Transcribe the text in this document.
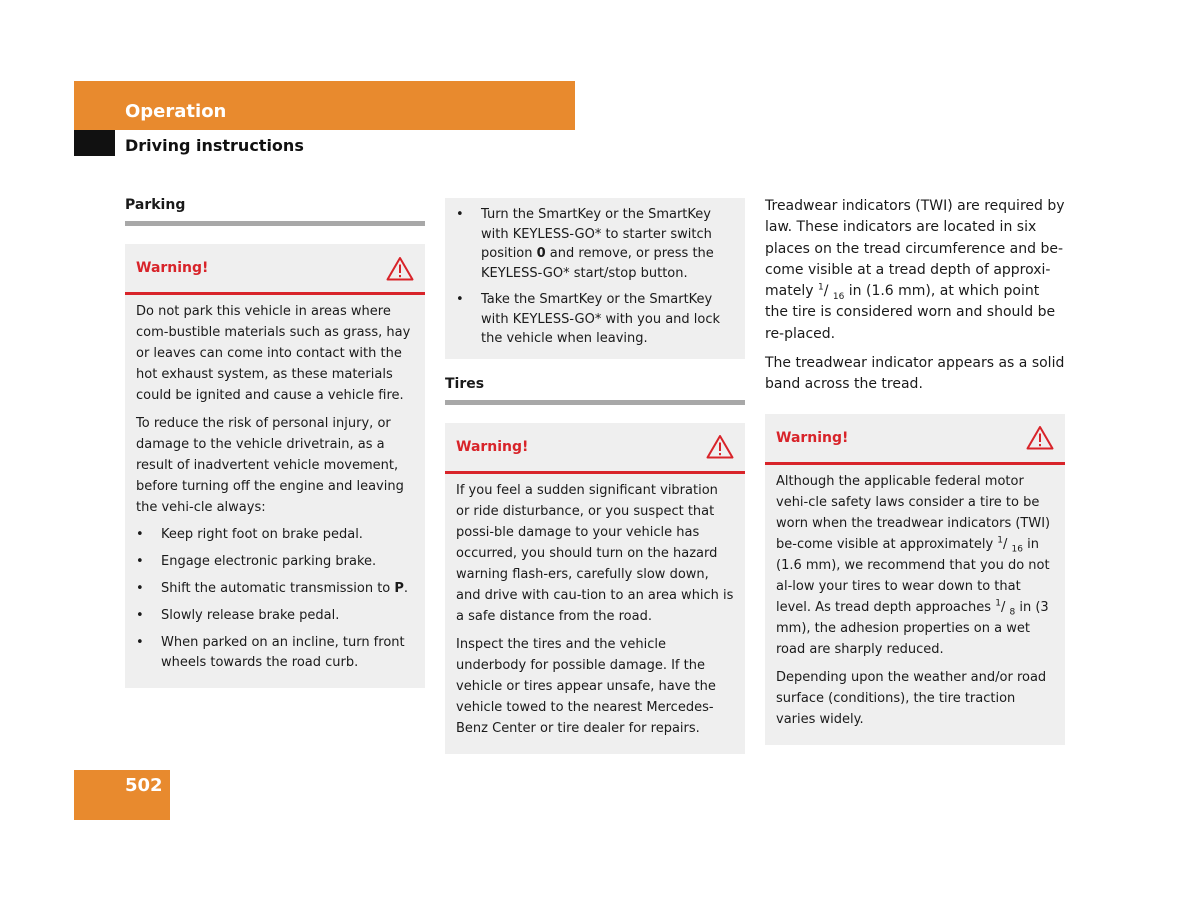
Operation
Driving instructions
Parking
Warning!

Do not park this vehicle in areas where com-bustible materials such as grass, hay or leaves can come into contact with the hot exhaust system, as these materials could be ignited and cause a vehicle fire.

To reduce the risk of personal injury, or damage to the vehicle drivetrain, as a result of inadvertent vehicle movement, before turning off the engine and leaving the vehi-cle always:

• Keep right foot on brake pedal.
• Engage electronic parking brake.
• Shift the automatic transmission to P.
• Slowly release brake pedal.
• When parked on an incline, turn front wheels towards the road curb.
• Turn the SmartKey or the SmartKey with KEYLESS-GO* to starter switch position 0 and remove, or press the KEYLESS-GO* start/stop button.
• Take the SmartKey or the SmartKey with KEYLESS-GO* with you and lock the vehicle when leaving.
Tires
Warning!

If you feel a sudden significant vibration or ride disturbance, or you suspect that possi-ble damage to your vehicle has occurred, you should turn on the hazard warning flash-ers, carefully slow down, and drive with cau-tion to an area which is a safe distance from the road.

Inspect the tires and the vehicle underbody for possible damage. If the vehicle or tires appear unsafe, have the vehicle towed to the nearest Mercedes-Benz Center or tire dealer for repairs.

Treadwear indicators (TWI) are required by law. These indicators are located in six places on the tread circumference and be-come visible at a tread depth of approxi-mately $^1$/ $_{16}$ in (1.6 mm), at which point the tire is considered worn and should be re-placed.

The treadwear indicator appears as a solid band across the tread.

Warning!

Although the applicable federal motor vehi-cle safety laws consider a tire to be worn when the treadwear indicators (TWI) be-come visible at approximately $^1$/ $_{16}$ in (1.6 mm), we recommend that you do not al-low your tires to wear down to that level. As tread depth approaches $^1$/ $_8$ in (3 mm), the adhesion properties on a wet road are sharply reduced.

Depending upon the weather and/or road surface (conditions), the tire traction varies widely.

502
